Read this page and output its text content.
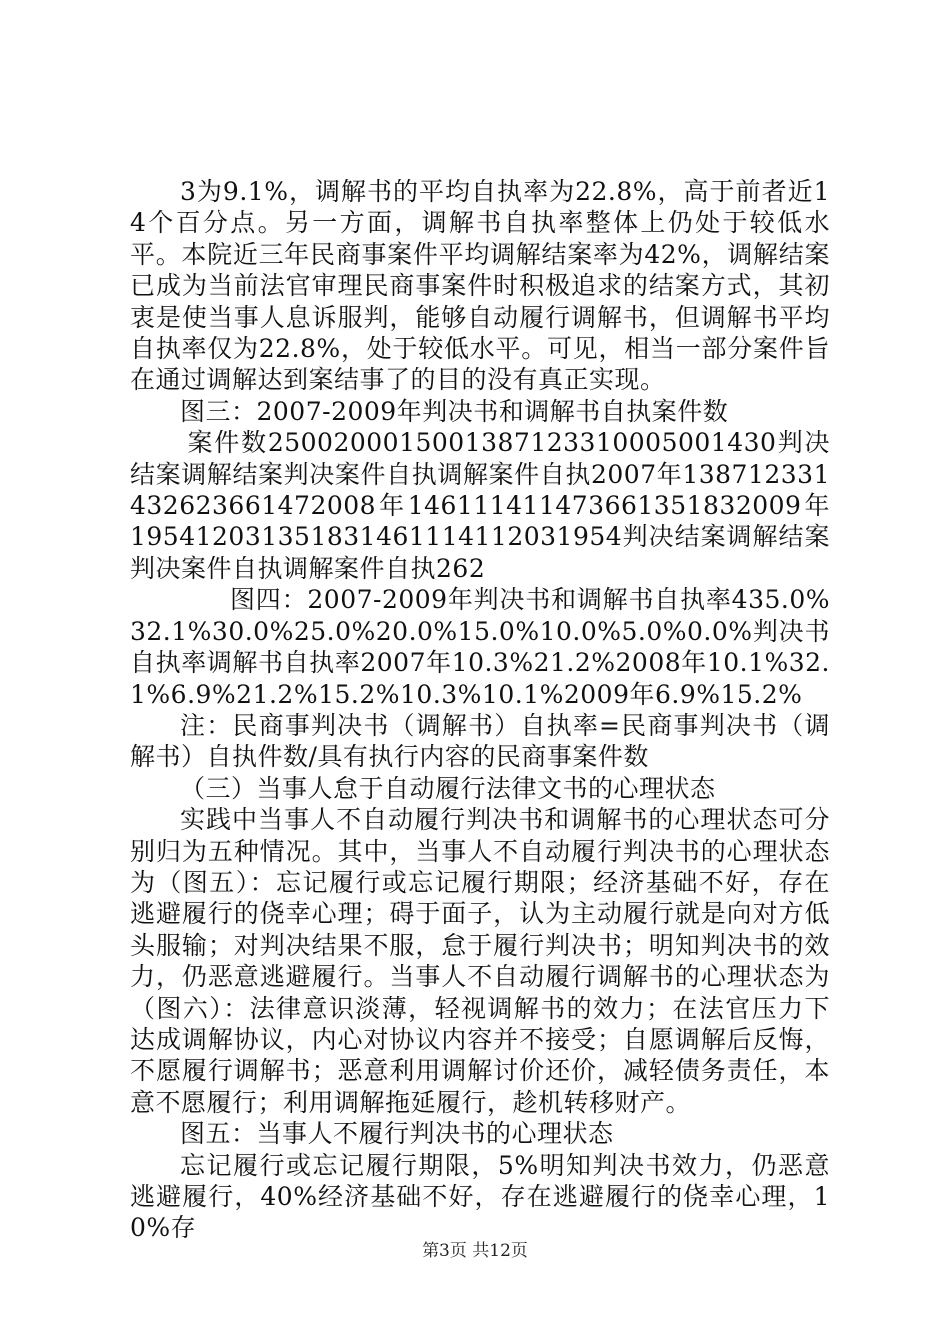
3为9.1%，调解书的平均自执率为22.8%，高于前者近14个百分点。另一方面，调解书自执率整体上仍处于较低水平。本院近三年民商事案件平均调解结案率为42%，调解结案已成为当前法官审理民商事案件时积极追求的结案方式，其初衷是使当事人息诉服判，能够自动履行调解书，但调解书平均自执率仅为22.8%，处于较低水平。可见，相当一部分案件旨在通过调解达到案结事了的目的没有真正实现。

图三：2007-2009年判决书和调解书自执案件数

案件数2500200015001387123310005001430判决结案调解结案判决案件自执调解案件自执2007年138712331432623661472008年146111411473661351832009年195412031351831461114112031954判决结案调解结案判决案件自执调解案件自执262

图四：2007-2009年判决书和调解书自执率435.0%32.1%30.0%25.0%20.0%15.0%10.0%5.0%0.0%判决书自执率调解书自执率2007年10.3%21.2%2008年10.1%32.1%6.9%21.2%15.2%10.3%10.1%2009年6.9%15.2%

注：民商事判决书（调解书）自执率=民商事判决书（调解书）自执件数/具有执行内容的民商事案件数

（三）当事人怠于自动履行法律文书的心理状态

实践中当事人不自动履行判决书和调解书的心理状态可分别归为五种情况。其中，当事人不自动履行判决书的心理状态为（图五）：忘记履行或忘记履行期限；经济基础不好，存在逃避履行的侥幸心理；碍于面子，认为主动履行就是向对方低头服输；对判决结果不服，怠于履行判决书；明知判决书的效力，仍恶意逃避履行。当事人不自动履行调解书的心理状态为（图六）：法律意识淡薄，轻视调解书的效力；在法官压力下达成调解协议，内心对协议内容并不接受；自愿调解后反悔，不愿履行调解书；恶意利用调解讨价还价，减轻债务责任，本意不愿履行；利用调解拖延履行，趁机转移财产。

图五：当事人不履行判决书的心理状态

忘记履行或忘记履行期限，5%明知判决书效力，仍恶意逃避履行，40%经济基础不好，存在逃避履行的侥幸心理，10%存

第3页 共12页
